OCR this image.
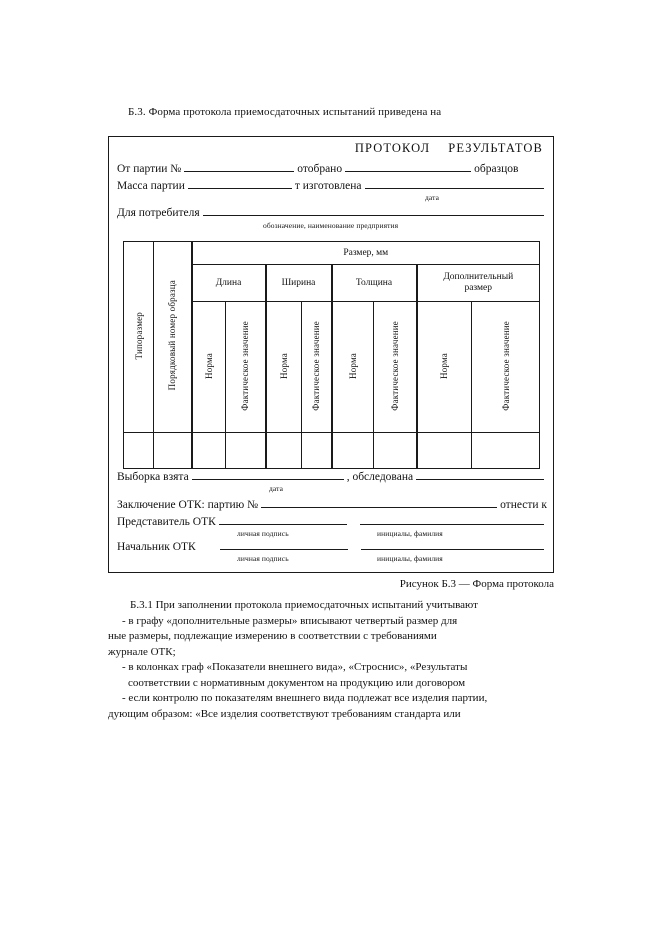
Б.3. Форма протокола приемосдаточных испытаний приведена на
ПРОТОКОЛ РЕЗУЛЬТАТОВ
От партии №	отобрано	образцов
Масса партии	т изготовлена
дата
Для потребителя
обозначение, наименование предприятия
Типоразмер	Порядковый номер образца	Размер, мм							
		Длина		Ширина		Толщина		Дополнительный
размер	
		Норма	Фактическое значение	Норма	Фактическое значение	Норма	Фактическое значение	Норма	Фактическое значение

Выборка взята	, обследована
дата
Заключение ОТК: партию №	отнести к
Представитель ОТК
личная подпись	инициалы, фамилия
Начальник ОТК
личная подпись	инициалы, фамилия
Рисунок Б.3 — Форма протокола

Б.3.1 При заполнении протокола приемосдаточных испытаний учитывают

- в графу «дополнительные размеры» вписывают четвертый размер для

ные размеры, подлежащие измерению в соответствии с требованиями

журнале ОТК;

- в колонках граф «Показатели внешнего вида», «Строснис», «Результаты

соответствии с нормативным документом на продукцию или договором

- если контролю по показателям внешнего вида подлежат все изделия партии,

дующим образом: «Все изделия соответствуют требованиям стандарта или
